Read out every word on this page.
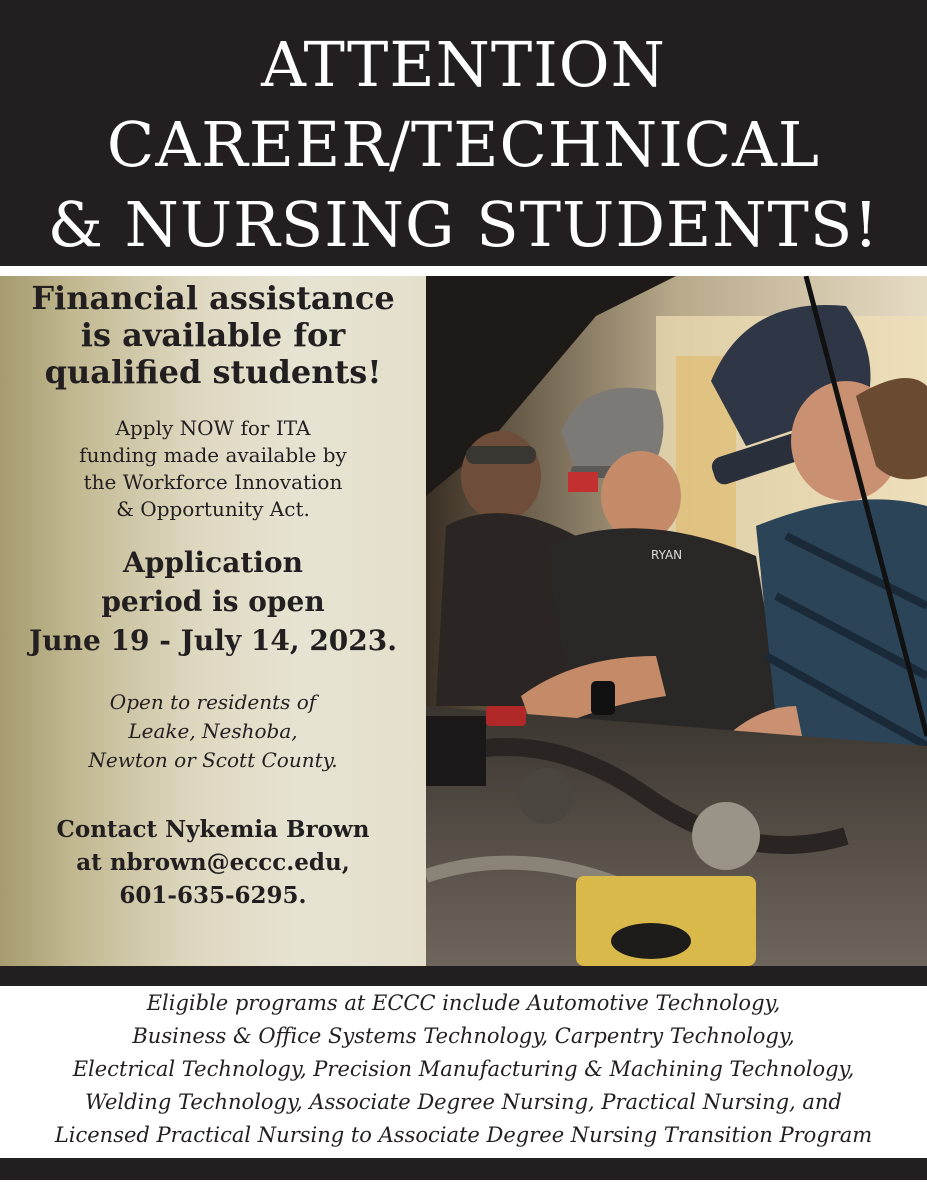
ATTENTION
CAREER/TECHNICAL
& NURSING STUDENTS!
Financial assistance
is available for
qualified students!
Apply NOW for ITA
funding made available by
the Workforce Innovation
& Opportunity Act.
Application
period is open
June 19 - July 14, 2023.
Open to residents of
Leake, Neshoba,
Newton or Scott County.
Contact Nykemia Brown
at nbrown@eccc.edu,
601-635-6295.
RYAN
Eligible programs at ECCC include Automotive Technology,
Business & Office Systems Technology, Carpentry Technology,
Electrical Technology, Precision Manufacturing & Machining Technology,
Welding Technology, Associate Degree Nursing, Practical Nursing, and
Licensed Practical Nursing to Associate Degree Nursing Transition Program
